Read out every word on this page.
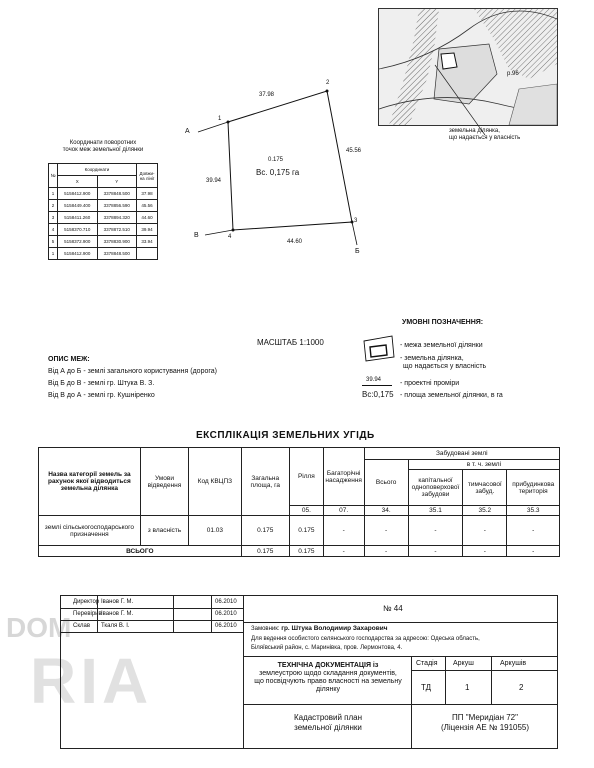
р.96
земельна ділянка,
що надається у власність
Координати поворотних
точок меж земельної ділянки
№	Координати		Довжи-на лінії
	X	Y	
1	5158412.900	3378848.500	37.98
2	5158449.400	3378856.590	45.56
3	5158411.260	3378894.320	44.60
4	5158370.710	3378872.510	39.94
5	5158372.900	3378830.900	33.94
1	5158412.900	3378848.500	
А
В
Б
1
2
3
4
37.98
45.56
44.60
39.94
0.175
Вс. 0,175 га
МАСШТАБ 1:1000
УМОВНІ ПОЗНАЧЕННЯ:
- межа земельної ділянки
- земельна ділянка,
що надається у власність
39.94	- проектні проміри
Вс:0,175 - площа земельної ділянки, в га
ОПИС МЕЖ:
Від А до Б - землі загального користування (дорога)
Від Б до В - землі гр. Штука В. З.
Від В до А - землі гр. Кушніренко
ЕКСПЛІКАЦІЯ ЗЕМЕЛЬНИХ УГІДЬ
Назва категорії земель за рахунок якої відводиться земельна ділянка	Умови відведення	Код КВЦПЗ	Загальна площа, га	Рілля	Багаторічні насадження	Забудовані землі			
						Всього	в т. ч. землі		
							капітальної одноповерхової забудови	тимчасової забуд.	прибудинкова територія
				05.	07.	34.	35.1	35.2	35.3
землі сільськогосподарського призначення	з власність	01.03	0.175	0.175	-	-	-	-	-
ВСЬОГО			0.175	0.175	-	-	-	-	-
DOM
RIA
Директор Іванов Г. М.	06.2010
Перевірив Іванов Г. М.	06.2010
Склав Ткаля В. І.	06.2010
№ 44
Замовник: гр. Штука Володимир Захарович
Для ведення особистого селянського господарства за адресою: Одеська область,
Біляївський район, с. Маринівка, пров. Лермонтова, 4.
ТЕХНІЧНА ДОКУМЕНТАЦІЯ із
землеустрою щодо складання документів,
що посвідчують право власності на земельну
ділянку
Стадія Аркуш	Аркушів
ТД	1	2
Кадастровий план
земельної ділянки
ПП "Меридіан 72"
(Ліцензія АЕ № 191055)
